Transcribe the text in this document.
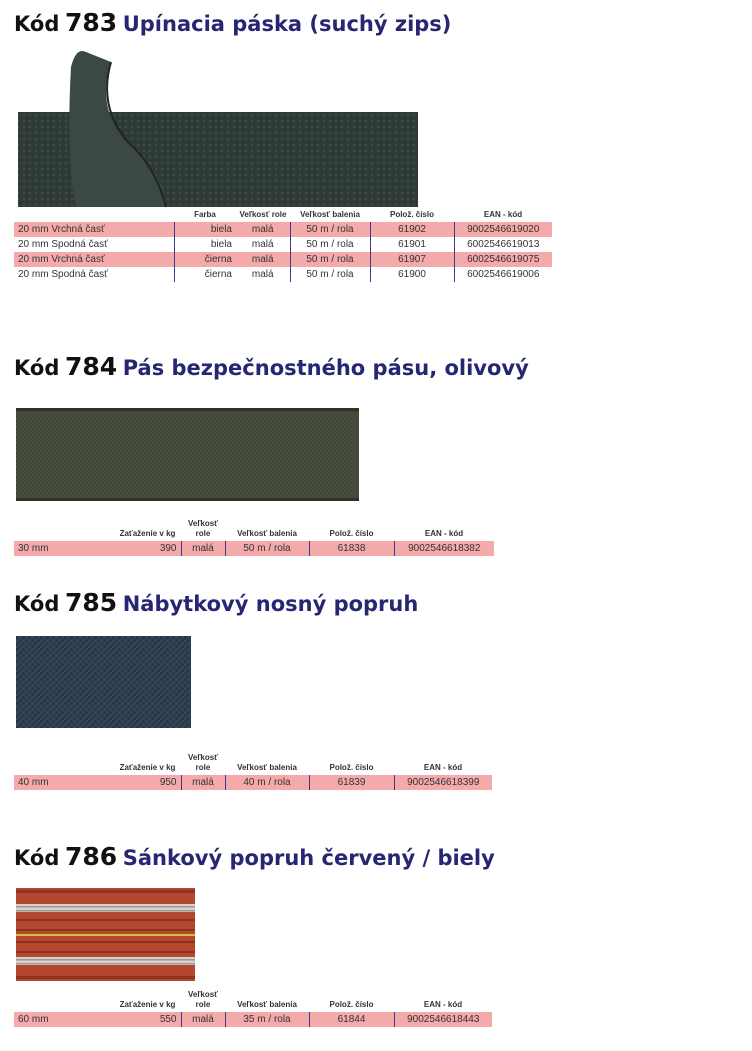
Kód 783 Upínacia páska (suchý zips)
	Farba	Veľkosť role	Veľkosť balenia	Polož. číslo	EAN - kód
20 mm Vrchná časť	biela	malá	50 m / rola	61902	9002546619020
20 mm Spodná časť	biela	malá	50 m / rola	61901	6002546619013
20 mm Vrchná časť	čierna	malá	50 m / rola	61907	6002546619075
20 mm Spodná časť	čierna	malá	50 m / rola	61900	6002546619006
Kód 784 Pás bezpečnostného pásu, olivový
	Zaťaženie v kg	Veľkosť role	Veľkosť balenia	Polož. číslo	EAN - kód
30 mm	390	malá	50 m / rola	61838	9002546618382
Kód 785 Nábytkový nosný popruh
	Zaťaženie v kg	Veľkosť role	Veľkosť balenia	Polož. číslo	EAN - kód
40 mm	950	malá	40 m / rola	61839	9002546618399
Kód 786 Sánkový popruh červený / biely
	Zaťaženie v kg	Veľkosť role	Veľkosť balenia	Polož. číslo	EAN - kód
60 mm	550	malá	35 m / rola	61844	9002546618443
